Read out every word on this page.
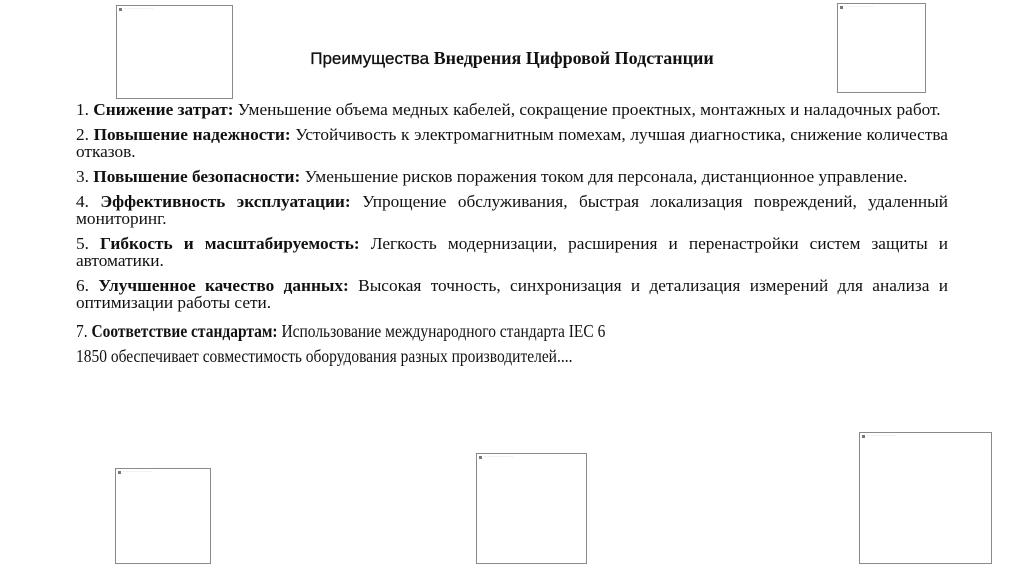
··· ······· ········· ······· ·· ······· ····
··· ······· ········· ······· ·· ······· ····
··· ······· ········· ······· ·· ······· ····
··· ······· ········· ······· ·· ······· ····
··· ······· ········· ······· ·· ······· ····
Преимущества Внедрения Цифровой Подстанции
1. Снижение затрат: Уменьшение объема медных кабелей, сокращение проектных, монтажных и наладочных работ.
2. Повышение надежности: Устойчивость к электромагнитным помехам, лучшая диагностика, снижение количества отказов.
3. Повышение безопасности: Уменьшение рисков поражения током для персонала, дистанционное управление.
4. Эффективность эксплуатации: Упрощение обслуживания, быстрая локализация повреждений, удаленный мониторинг.
5. Гибкость и масштабируемость: Легкость модернизации, расширения и перенастройки систем защиты и автоматики.
6. Улучшенное качество данных: Высокая точность, синхронизация и детализация измерений для анализа и оптимизации работы сети.
7. Соответствие стандартам: Использование международного стандарта IEC 6
1850 обеспечивает совместимость оборудования разных производителей....
